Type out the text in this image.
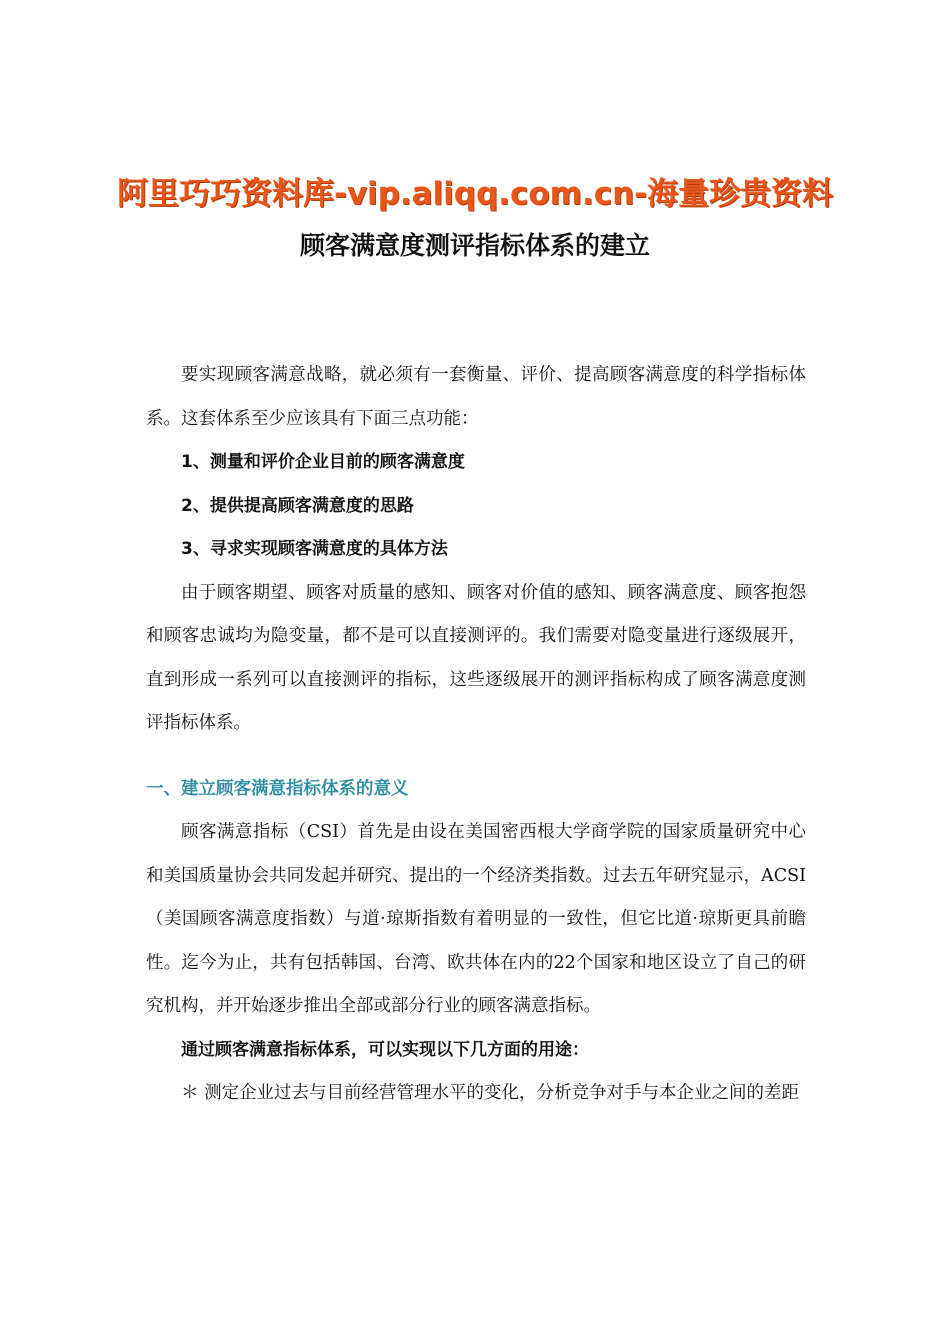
阿里巧巧资料库-vip.aliqq.com.cn-海量珍贵资料
顾客满意度测评指标体系的建立

要实现顾客满意战略，就必须有一套衡量、评价、提高顾客满意度的科学指标体系。这套体系至少应该具有下面三点功能：

1、测量和评价企业目前的顾客满意度

2、提供提高顾客满意度的思路

3、寻求实现顾客满意度的具体方法

由于顾客期望、顾客对质量的感知、顾客对价值的感知、顾客满意度、顾客抱怨和顾客忠诚均为隐变量，都不是可以直接测评的。我们需要对隐变量进行逐级展开，直到形成一系列可以直接测评的指标，这些逐级展开的测评指标构成了顾客满意度测评指标体系。

一、建立顾客满意指标体系的意义

顾客满意指标（CSI）首先是由设在美国密西根大学商学院的国家质量研究中心和美国质量协会共同发起并研究、提出的一个经济类指数。过去五年研究显示，ACSI（美国顾客满意度指数）与道·琼斯指数有着明显的一致性，但它比道·琼斯更具前瞻性。迄今为止，共有包括韩国、台湾、欧共体在内的22个国家和地区设立了自己的研究机构，并开始逐步推出全部或部分行业的顾客满意指标。

通过顾客满意指标体系，可以实现以下几方面的用途：

＊ 测定企业过去与目前经营管理水平的变化，分析竞争对手与本企业之间的差距
